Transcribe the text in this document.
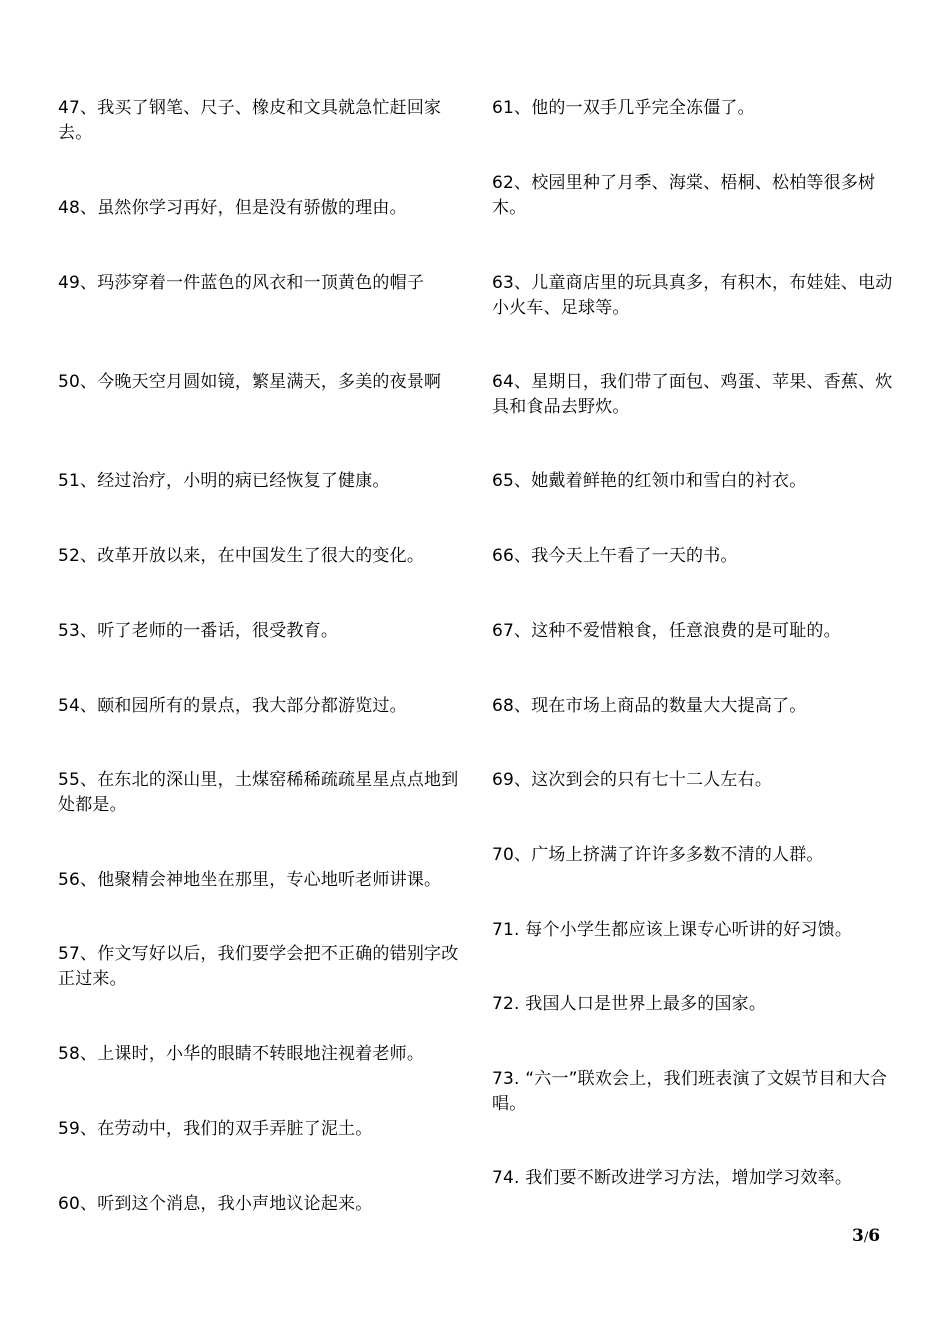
47、我买了钢笔、尺子、橡皮和文具就急忙赶回家去。
48、虽然你学习再好，但是没有骄傲的理由。
49、玛莎穿着一件蓝色的风衣和一顶黄色的帽子
50、今晚天空月圆如镜，繁星满天，多美的夜景啊
51、经过治疗，小明的病已经恢复了健康。
52、改革开放以来，在中国发生了很大的变化。
53、听了老师的一番话，很受教育。
54、颐和园所有的景点，我大部分都游览过。
55、在东北的深山里，土煤窑稀稀疏疏星星点点地到处都是。
56、他聚精会神地坐在那里，专心地听老师讲课。
57、作文写好以后，我们要学会把不正确的错别字改正过来。
58、上课时，小华的眼睛不转眼地注视着老师。
59、在劳动中，我们的双手弄脏了泥土。
60、听到这个消息，我小声地议论起来。
61、他的一双手几乎完全冻僵了。
62、校园里种了月季、海棠、梧桐、松柏等很多树木。
63、儿童商店里的玩具真多，有积木，布娃娃、电动小火车、足球等。
64、星期日，我们带了面包、鸡蛋、苹果、香蕉、炊具和食品去野炊。
65、她戴着鲜艳的红领巾和雪白的衬衣。
66、我今天上午看了一天的书。
67、这种不爱惜粮食，任意浪费的是可耻的。
68、现在市场上商品的数量大大提高了。
69、这次到会的只有七十二人左右。
70、广场上挤满了许许多多数不清的人群。
71. 每个小学生都应该上课专心听讲的好习馈。
72. 我国人口是世界上最多的国家。
73. “六一”联欢会上，我们班表演了文娱节目和大合唱。
74. 我们要不断改进学习方法，增加学习效率。
3/6
